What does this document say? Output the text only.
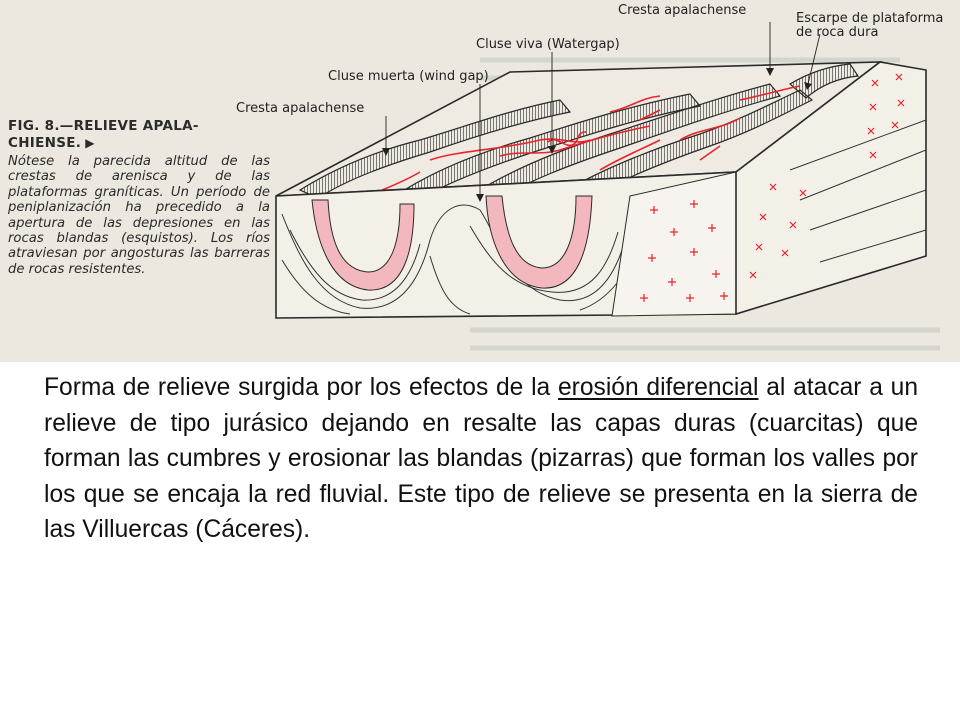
Cresta apalachense
Escarpe de plataforma
de roca dura
Cluse viva (Watergap)
Cluse muerta (wind gap)
Cresta apalachense
FIG. 8.—RELIEVE APALA-CHIENSE. ▶
Nótese la parecida altitud de las crestas de arenisca y de las plataformas graníticas. Un período de peniplanización ha precedido a la apertura de las depresiones en las rocas blandas (esquistos). Los ríos atraviesan por angosturas las barreras de rocas resistentes.
Forma de relieve surgida por los efectos de la erosión diferencial al atacar a un relieve de tipo jurásico dejando en resalte las capas duras (cuarcitas) que forman las cumbres y erosionar las blandas (pizarras) que forman los valles por los que se encaja la red fluvial. Este tipo de relieve se presenta en la sierra de las Villuercas (Cáceres).
